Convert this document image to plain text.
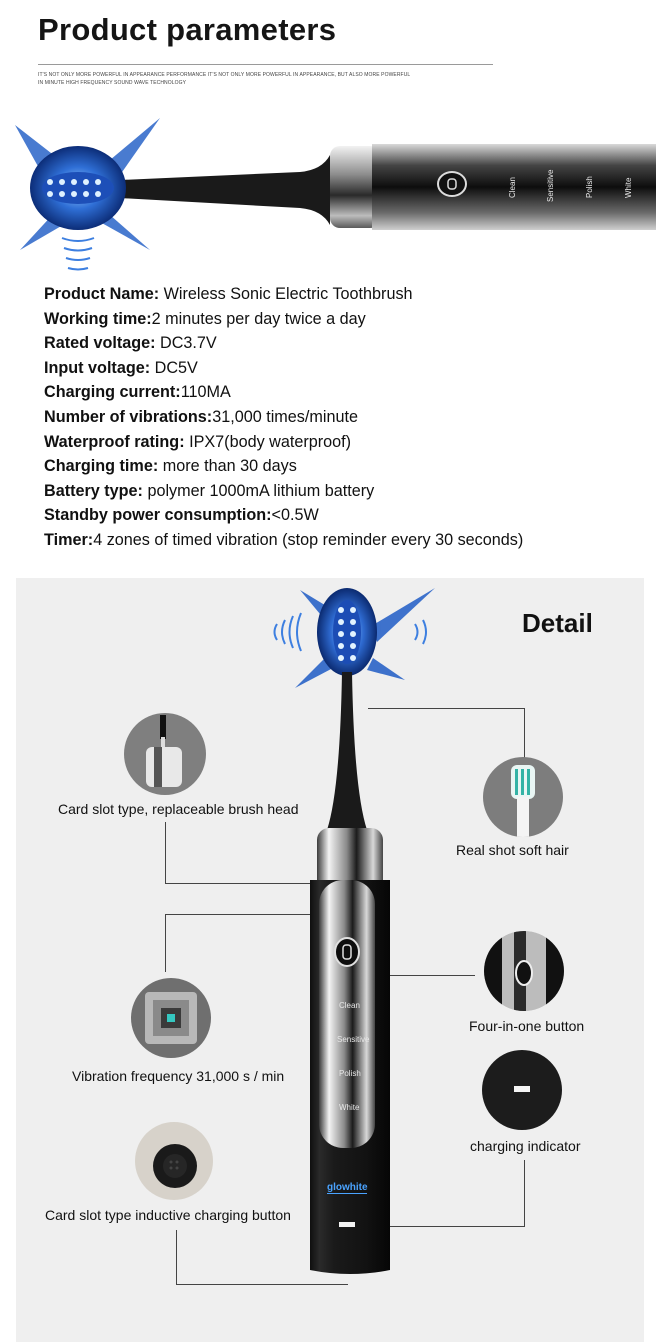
Product parameters
IT'S NOT ONLY MORE POWERFUL IN APPEARANCE PERFORMANCE IT'S NOT ONLY MORE POWERFUL IN APPEARANCE, BUT ALSO MORE POWERFUL
IN MINUTE HIGH FREQUENCY SOUND WAVE TECHNOLOGY
Clean	Sensitive	Polish	White
Product Name: Wireless Sonic Electric Toothbrush
Working time:2 minutes per day twice a day
Rated voltage: DC3.7V
Input voltage: DC5V
Charging current:110MA
Number of vibrations:31,000 times/minute
Waterproof rating: IPX7(body waterproof)
Charging time: more than 30 days
Battery type: polymer 1000mA lithium battery
Standby power consumption:<0.5W
Timer:4 zones of timed vibration (stop reminder every 30 seconds)
Detail
Clean
Sensitive
Polish
White
glowhite
Card slot type, replaceable brush head
Real shot soft hair
Four-in-one button
Vibration frequency 31,000 s / min
charging indicator
Card slot type inductive charging button
